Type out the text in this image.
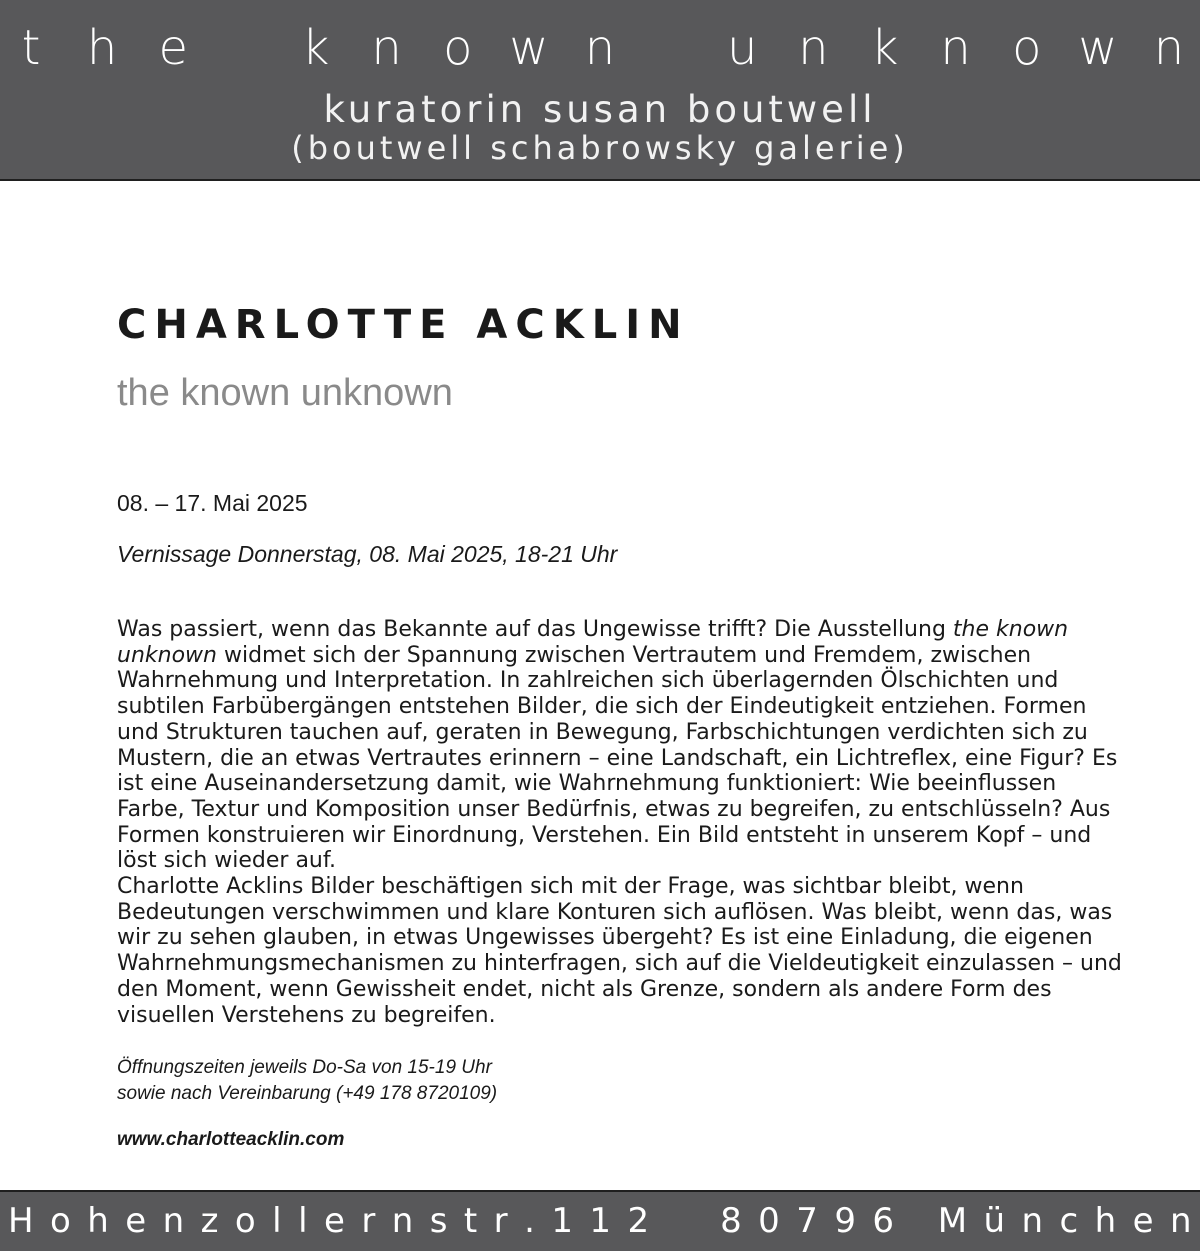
t h e
k n o w n
u n k n o w n
kuratorin susan boutwell
(boutwell schabrowsky galerie)
CHARLOTTE ACKLIN
the known unknown
08. – 17. Mai 2025
Vernissage Donnerstag, 08. Mai 2025, 18-21 Uhr

Was passiert, wenn das Bekannte auf das Ungewisse trifft? Die Ausstellung the known unknown widmet sich der Spannung zwischen Vertrautem und Fremdem, zwischen Wahrnehmung und Interpretation. In zahlreichen sich überlagernden Ölschichten und subtilen Farbübergängen entstehen Bilder, die sich der Eindeutigkeit entziehen. Formen und Strukturen tauchen auf, geraten in Bewegung, Farbschichtungen verdichten sich zu Mustern, die an etwas Vertrautes erinnern – eine Landschaft, ein Lichtreflex, eine Figur? Es ist eine Auseinandersetzung damit, wie Wahrnehmung funktioniert: Wie beeinflussen Farbe, Textur und Komposition unser Bedürfnis, etwas zu begreifen, zu entschlüsseln? Aus Formen konstruieren wir Einordnung, Verstehen. Ein Bild entsteht in unserem Kopf – und löst sich wieder auf.

Charlotte Acklins Bilder beschäftigen sich mit der Frage, was sichtbar bleibt, wenn Bedeutungen verschwimmen und klare Konturen sich auflösen. Was bleibt, wenn das, was wir zu sehen glauben, in etwas Ungewisses übergeht? Es ist eine Einladung, die eigenen Wahrnehmungsmechanismen zu hinterfragen, sich auf die Vieldeutigkeit einzulassen – und den Moment, wenn Gewissheit endet, nicht als Grenze, sondern als andere Form des visuellen Verstehens zu begreifen.

Öffnungszeiten jeweils Do-Sa von 15-19 Uhr
sowie nach Vereinbarung (+49 178 8720109)
www.charlotteacklin.com
H o h e n z o l l e r n s t r . 1 1 2

8 0 7 9 6
M ü n c h e n
